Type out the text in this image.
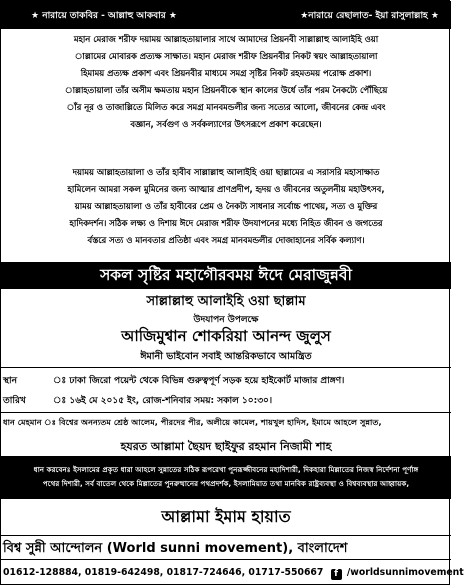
★ নারায়ে তাকবির - আল্লাহু আকবার ★	★নারায়ে রেছালাত- ইয়া রাসুলাল্লাহ ★
মহান মেরাজ শরীফ দয়াময় আল্লাহতায়ালার সাথে আমাদের প্রিয়নবী সাল্লাল্লাহু আলাইহি ওয়া
াল্লামের মোবারক প্রত্যক্ষ সাক্ষাত। মহান মেরাজ শরীফ প্রিয়নবীর নিকট স্বয়ং আল্লাহতায়ালা
হিমাময় প্রত্যক্ষ প্রকাশ এবং প্রিয়নবীর মাধ্যমে সমগ্র সৃষ্টির নিকট রহমতময় পরোক্ষ প্রকাশ।
াল্লাহতায়ালা তাঁর অসীম ক্ষমতায় মহান প্রিয়নবীকে স্থান কালের উর্ধে তাঁর পরম নৈকট্যে পৌঁছিয়ে
াঁর নূর ও তাজাল্লিতে মিলিত করে সমগ্র মানবমন্ডলীর জন্য সত্যের আলো, জীবনের কেন্দ্র এবং
বজ্ঞান, সর্বগুণ ও সর্বকল্যাণের উৎসরূপে প্রকাশ করেছেন।
দয়াময় আল্লাহতায়ালা ও তাঁর হাবীব সাল্লাল্লাহু আলাইহি ওয়া ছাল্লামের এ সরাসরি মহাসাক্ষাত
হামিলেন আমরা সকল মুমিনের জন্য আত্মার প্রাণপ্রদীপ, হৃদয় ও জীবনের অতুলনীয় মহাউৎসব,
য়াময় আল্লাহতায়ালা ও তাঁর হাবীবের প্রেম ও নৈকট্য সাধনার সর্বোচ্চ পাথেয়, সত্য ও মুক্তির
হাদিকদর্শন। সঠিক লক্ষ্য ও দিশায় ঈদে মেরাজ শরীফ উদযাপনের মধ্যে নিহিত জীবন ও জগতের
র্বস্তরে সত্য ও মানবতার প্রতিষ্ঠা এবং সমগ্র মানবমন্ডলীর দোজাহানের সর্বিক কল্যাণ।
সকল সৃষ্টির মহাগৌরবময় ঈদে মেরাজুন্নবী
সাল্লাল্লাহু আলাইহি ওয়া ছাল্লাম
উদযাপন উপলক্ষে
আজিমুশ্বান শোকরিয়া আনন্দ জুলুস
ঈমানী ভাইবোন সবাই আন্তরিকভাবে আমন্ত্রিত
স্থান	ঃ ঢাকা জিরো পয়েন্ট থেকে বিভিন্ন গুরুত্বপূর্ণ সড়ক হয়ে হাইকোর্ট মাজার প্রাঙ্গণ।
তারিখ	ঃ ১৬ই মে ২০১৫ ইং, রোজ-শনিবার সময়: সকাল ১০:৩০।
ধান মেহমান ঃ বিশ্বের অনন্যতম শ্রেষ্ঠ আলেম, পীরদের পীর, অলীয়ে কামেল, শায়খুল হাদিস, ইমামে আহলে সুন্নাত,
হযরত আল্লামা ছৈয়দ ছাইফুর রহমান নিজামী শাহ
ধান করবেনঃ ইসলামের প্রকৃত ধারা আহলে সুন্নাতের সঠিক রূপরেখা পুনরূজ্জীবনের মহাদিশারী, দিকহারা মিল্লাতের নিজস্ব নির্দেশনা পূর্ণাঙ্গ
পথের দিশারী, সর্ব বাতেল থেকে মিল্লাতের পুনরুত্থানের পথপ্রদর্শক, ইসলামিয়াত তথা মানবিক রাষ্ট্রব্যবস্থা ও বিশ্বব্যবস্থার আহ্বায়ক,
আল্লামা ইমাম হায়াত
বিশ্ব সুন্নী আন্দোলন (World sunni movement), বাংলাদেশ
01612-128884, 01819-642498, 01817-724646, 01717-550667 f /worldsunnimovement
